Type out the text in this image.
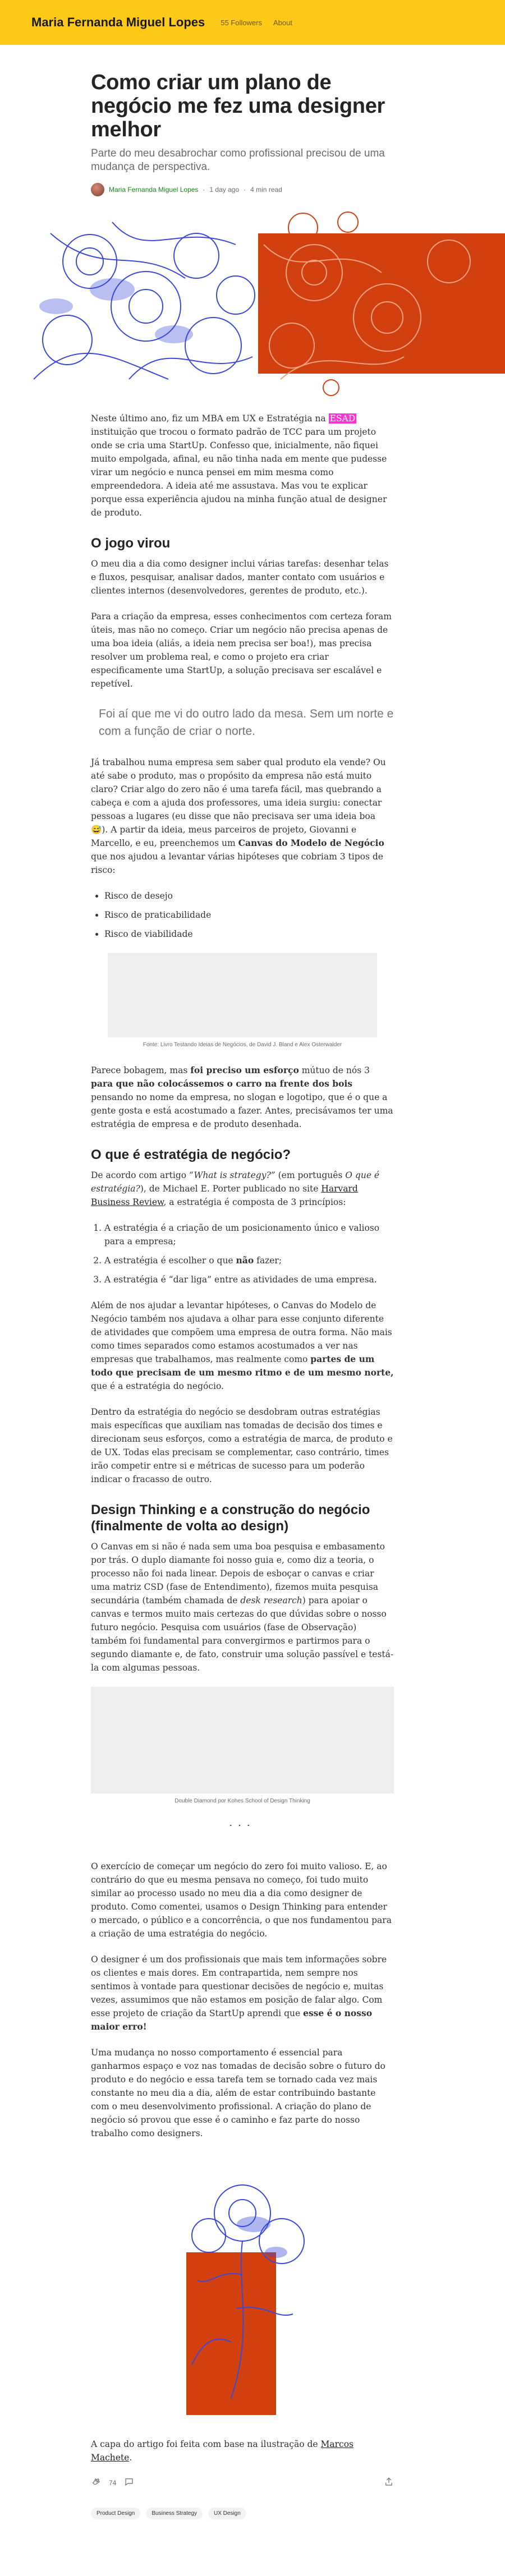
Maria Fernanda Miguel Lopes 55 Followers About
Como criar um plano de negócio me fez uma designer melhor

Parte do meu desabrochar como profissional precisou de uma mudança de perspectiva.

Maria Fernanda Miguel Lopes · 1 day ago · 4 min read

Neste último ano, fiz um MBA em UX e Estratégia na ESAD instituição que trocou o formato padrão de TCC para um projeto onde se cria uma StartUp. Confesso que, inicialmente, não fiquei muito empolgada, afinal, eu não tinha nada em mente que pudesse virar um negócio e nunca pensei em mim mesma como empreendedora. A ideia até me assustava. Mas vou te explicar porque essa experiência ajudou na minha função atual de designer de produto.

O jogo virou

O meu dia a dia como designer inclui várias tarefas: desenhar telas e fluxos, pesquisar, analisar dados, manter contato com usuários e clientes internos (desenvolvedores, gerentes de produto, etc.).

Para a criação da empresa, esses conhecimentos com certeza foram úteis, mas não no começo. Criar um negócio não precisa apenas de uma boa ideia (aliás, a ideia nem precisa ser boa!), mas precisa resolver um problema real, e como o projeto era criar especificamente uma StartUp, a solução precisava ser escalável e repetível.

Foi aí que me vi do outro lado da mesa. Sem um norte e com a função de criar o norte.

Já trabalhou numa empresa sem saber qual produto ela vende? Ou até sabe o produto, mas o propósito da empresa não está muito claro? Criar algo do zero não é uma tarefa fácil, mas quebrando a cabeça e com a ajuda dos professores, uma ideia surgiu: conectar pessoas a lugares (eu disse que não precisava ser uma ideia boa 😅). A partir da ideia, meus parceiros de projeto, Giovanni e Marcello, e eu, preenchemos um Canvas do Modelo de Negócio que nos ajudou a levantar várias hipóteses que cobriam 3 tipos de risco:

• Risco de desejo
• Risco de praticabilidade
• Risco de viabilidade
Fonte: Livro Testando Ideias de Negócios, de David J. Bland e Alex Osterwalder

Parece bobagem, mas foi preciso um esforço mútuo de nós 3 para que não colocássemos o carro na frente dos bois pensando no nome da empresa, no slogan e logotipo, que é o que a gente gosta e está acostumado a fazer. Antes, precisávamos ter uma estratégia de empresa e de produto desenhada.

O que é estratégia de negócio?

De acordo com artigo “What is strategy?” (em português O que é estratégia?), de Michael E. Porter publicado no site Harvard Business Review, a estratégia é composta de 3 princípios:

1. A estratégia é a criação de um posicionamento único e valioso para a empresa;
2. A estratégia é escolher o que não fazer;
3. A estratégia é “dar liga” entre as atividades de uma empresa.

Além de nos ajudar a levantar hipóteses, o Canvas do Modelo de Negócio também nos ajudava a olhar para esse conjunto diferente de atividades que compõem uma empresa de outra forma. Não mais como times separados como estamos acostumados a ver nas empresas que trabalhamos, mas realmente como partes de um todo que precisam de um mesmo ritmo e de um mesmo norte, que é a estratégia do negócio.

Dentro da estratégia do negócio se desdobram outras estratégias mais específicas que auxiliam nas tomadas de decisão dos times e direcionam seus esforços, como a estratégia de marca, de produto e de UX. Todas elas precisam se complementar, caso contrário, times irão competir entre si e métricas de sucesso para um poderão indicar o fracasso de outro.

Design Thinking e a construção do negócio (finalmente de volta ao design)

O Canvas em si não é nada sem uma boa pesquisa e embasamento por trás. O duplo diamante foi nosso guia e, como diz a teoria, o processo não foi nada linear. Depois de esboçar o canvas e criar uma matriz CSD (fase de Entendimento), fizemos muita pesquisa secundária (também chamada de desk research) para apoiar o canvas e termos muito mais certezas do que dúvidas sobre o nosso futuro negócio. Pesquisa com usuários (fase de Observação) também foi fundamental para convergirmos e partirmos para o segundo diamante e, de fato, construir uma solução passível e testá-la com algumas pessoas.

Double Diamond por Kohes School of Design Thinking
···

O exercício de começar um negócio do zero foi muito valioso. E, ao contrário do que eu mesma pensava no começo, foi tudo muito similar ao processo usado no meu dia a dia como designer de produto. Como comentei, usamos o Design Thinking para entender o mercado, o público e a concorrência, o que nos fundamentou para a criação de uma estratégia do negócio.

O designer é um dos profissionais que mais tem informações sobre os clientes e mais dores. Em contrapartida, nem sempre nos sentimos à vontade para questionar decisões de negócio e, muitas vezes, assumimos que não estamos em posição de falar algo. Com esse projeto de criação da StartUp aprendi que esse é o nosso maior erro!

Uma mudança no nosso comportamento é essencial para ganharmos espaço e voz nas tomadas de decisão sobre o futuro do produto e do negócio e essa tarefa tem se tornado cada vez mais constante no meu dia a dia, além de estar contribuindo bastante com o meu desenvolvimento profissional. A criação do plano de negócio só provou que esse é o caminho e faz parte do nosso trabalho como designers.

A capa do artigo foi feita com base na ilustração de Marcos Machete.

74
Product Design	Business Strategy	UX Design
